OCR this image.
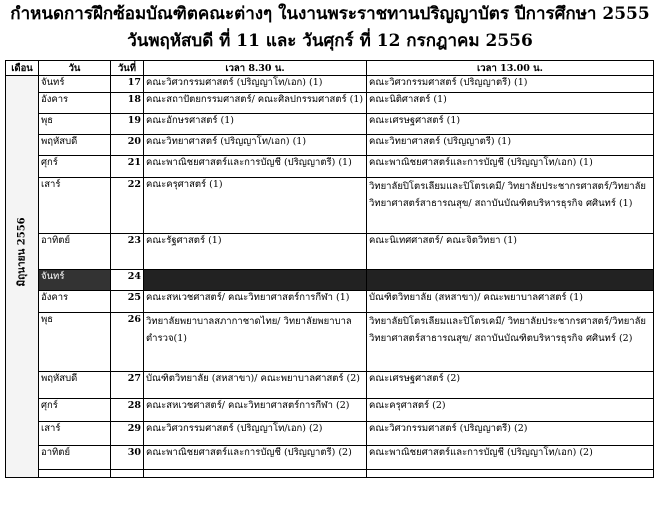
กำหนดการฝึกซ้อมบัณฑิตคณะต่างๆ ในงานพระราชทานปริญญาบัตร ปีการศึกษา 2555
วันพฤหัสบดี ที่ 11 และ วันศุกร์ ที่ 12 กรกฎาคม 2556
เดือน	วัน	วันที่	เวลา 8.30 น.	เวลา 13.00 น.

มิถุนายน 2556	จันทร์	17	คณะวิศวกรรมศาสตร์ (ปริญญาโท/เอก) (1)	คณะวิศวกรรมศาสตร์ (ปริญญาตรี) (1)
	อังคาร	18	คณะสถาปัตยกรรมศาสตร์/ คณะศิลปกรรมศาสตร์ (1)	คณะนิติศาสตร์ (1)
	พุธ	19	คณะอักษรศาสตร์ (1)	คณะเศรษฐศาสตร์ (1)
	พฤหัสบดี	20	คณะวิทยาศาสตร์ (ปริญญาโท/เอก) (1)	คณะวิทยาศาสตร์ (ปริญญาตรี) (1)
	ศุกร์	21	คณะพาณิชยศาสตร์และการบัญชี (ปริญญาตรี) (1)	คณะพาณิชยศาสตร์และการบัญชี (ปริญญาโท/เอก) (1)
	เสาร์	22	คณะครุศาสตร์ (1)	วิทยาลัยปิโตรเลียมและปิโตรเคมี/ วิทยาลัยประชากรศาสตร์/วิทยาลัยวิทยาศาสตร์สาธารณสุข/ สถาบันบัณฑิตบริหารธุรกิจ ศศินทร์ (1)
	อาทิตย์	23	คณะรัฐศาสตร์ (1)	คณะนิเทศศาสตร์/ คณะจิตวิทยา (1)
	จันทร์	24		
	อังคาร	25	คณะสหเวชศาสตร์/ คณะวิทยาศาสตร์การกีฬา (1)	บัณฑิตวิทยาลัย (สหสาขา)/ คณะพยาบาลศาสตร์ (1)
	พุธ	26	วิทยาลัยพยาบาลสภากาชาดไทย/ วิทยาลัยพยาบาลตำรวจ(1)	วิทยาลัยปิโตรเลียมและปิโตรเคมี/ วิทยาลัยประชากรศาสตร์/วิทยาลัยวิทยาศาสตร์สาธารณสุข/ สถาบันบัณฑิตบริหารธุรกิจ ศศินทร์ (2)
	พฤหัสบดี	27	บัณฑิตวิทยาลัย (สหสาขา)/ คณะพยาบาลศาสตร์ (2)	คณะเศรษฐศาสตร์ (2)
	ศุกร์	28	คณะสหเวชศาสตร์/ คณะวิทยาศาสตร์การกีฬา (2)	คณะครุศาสตร์ (2)
	เสาร์	29	คณะวิศวกรรมศาสตร์ (ปริญญาโท/เอก) (2)	คณะวิศวกรรมศาสตร์ (ปริญญาตรี) (2)
	อาทิตย์	30	คณะพาณิชยศาสตร์และการบัญชี (ปริญญาตรี) (2)	คณะพาณิชยศาสตร์และการบัญชี (ปริญญาโท/เอก) (2)
